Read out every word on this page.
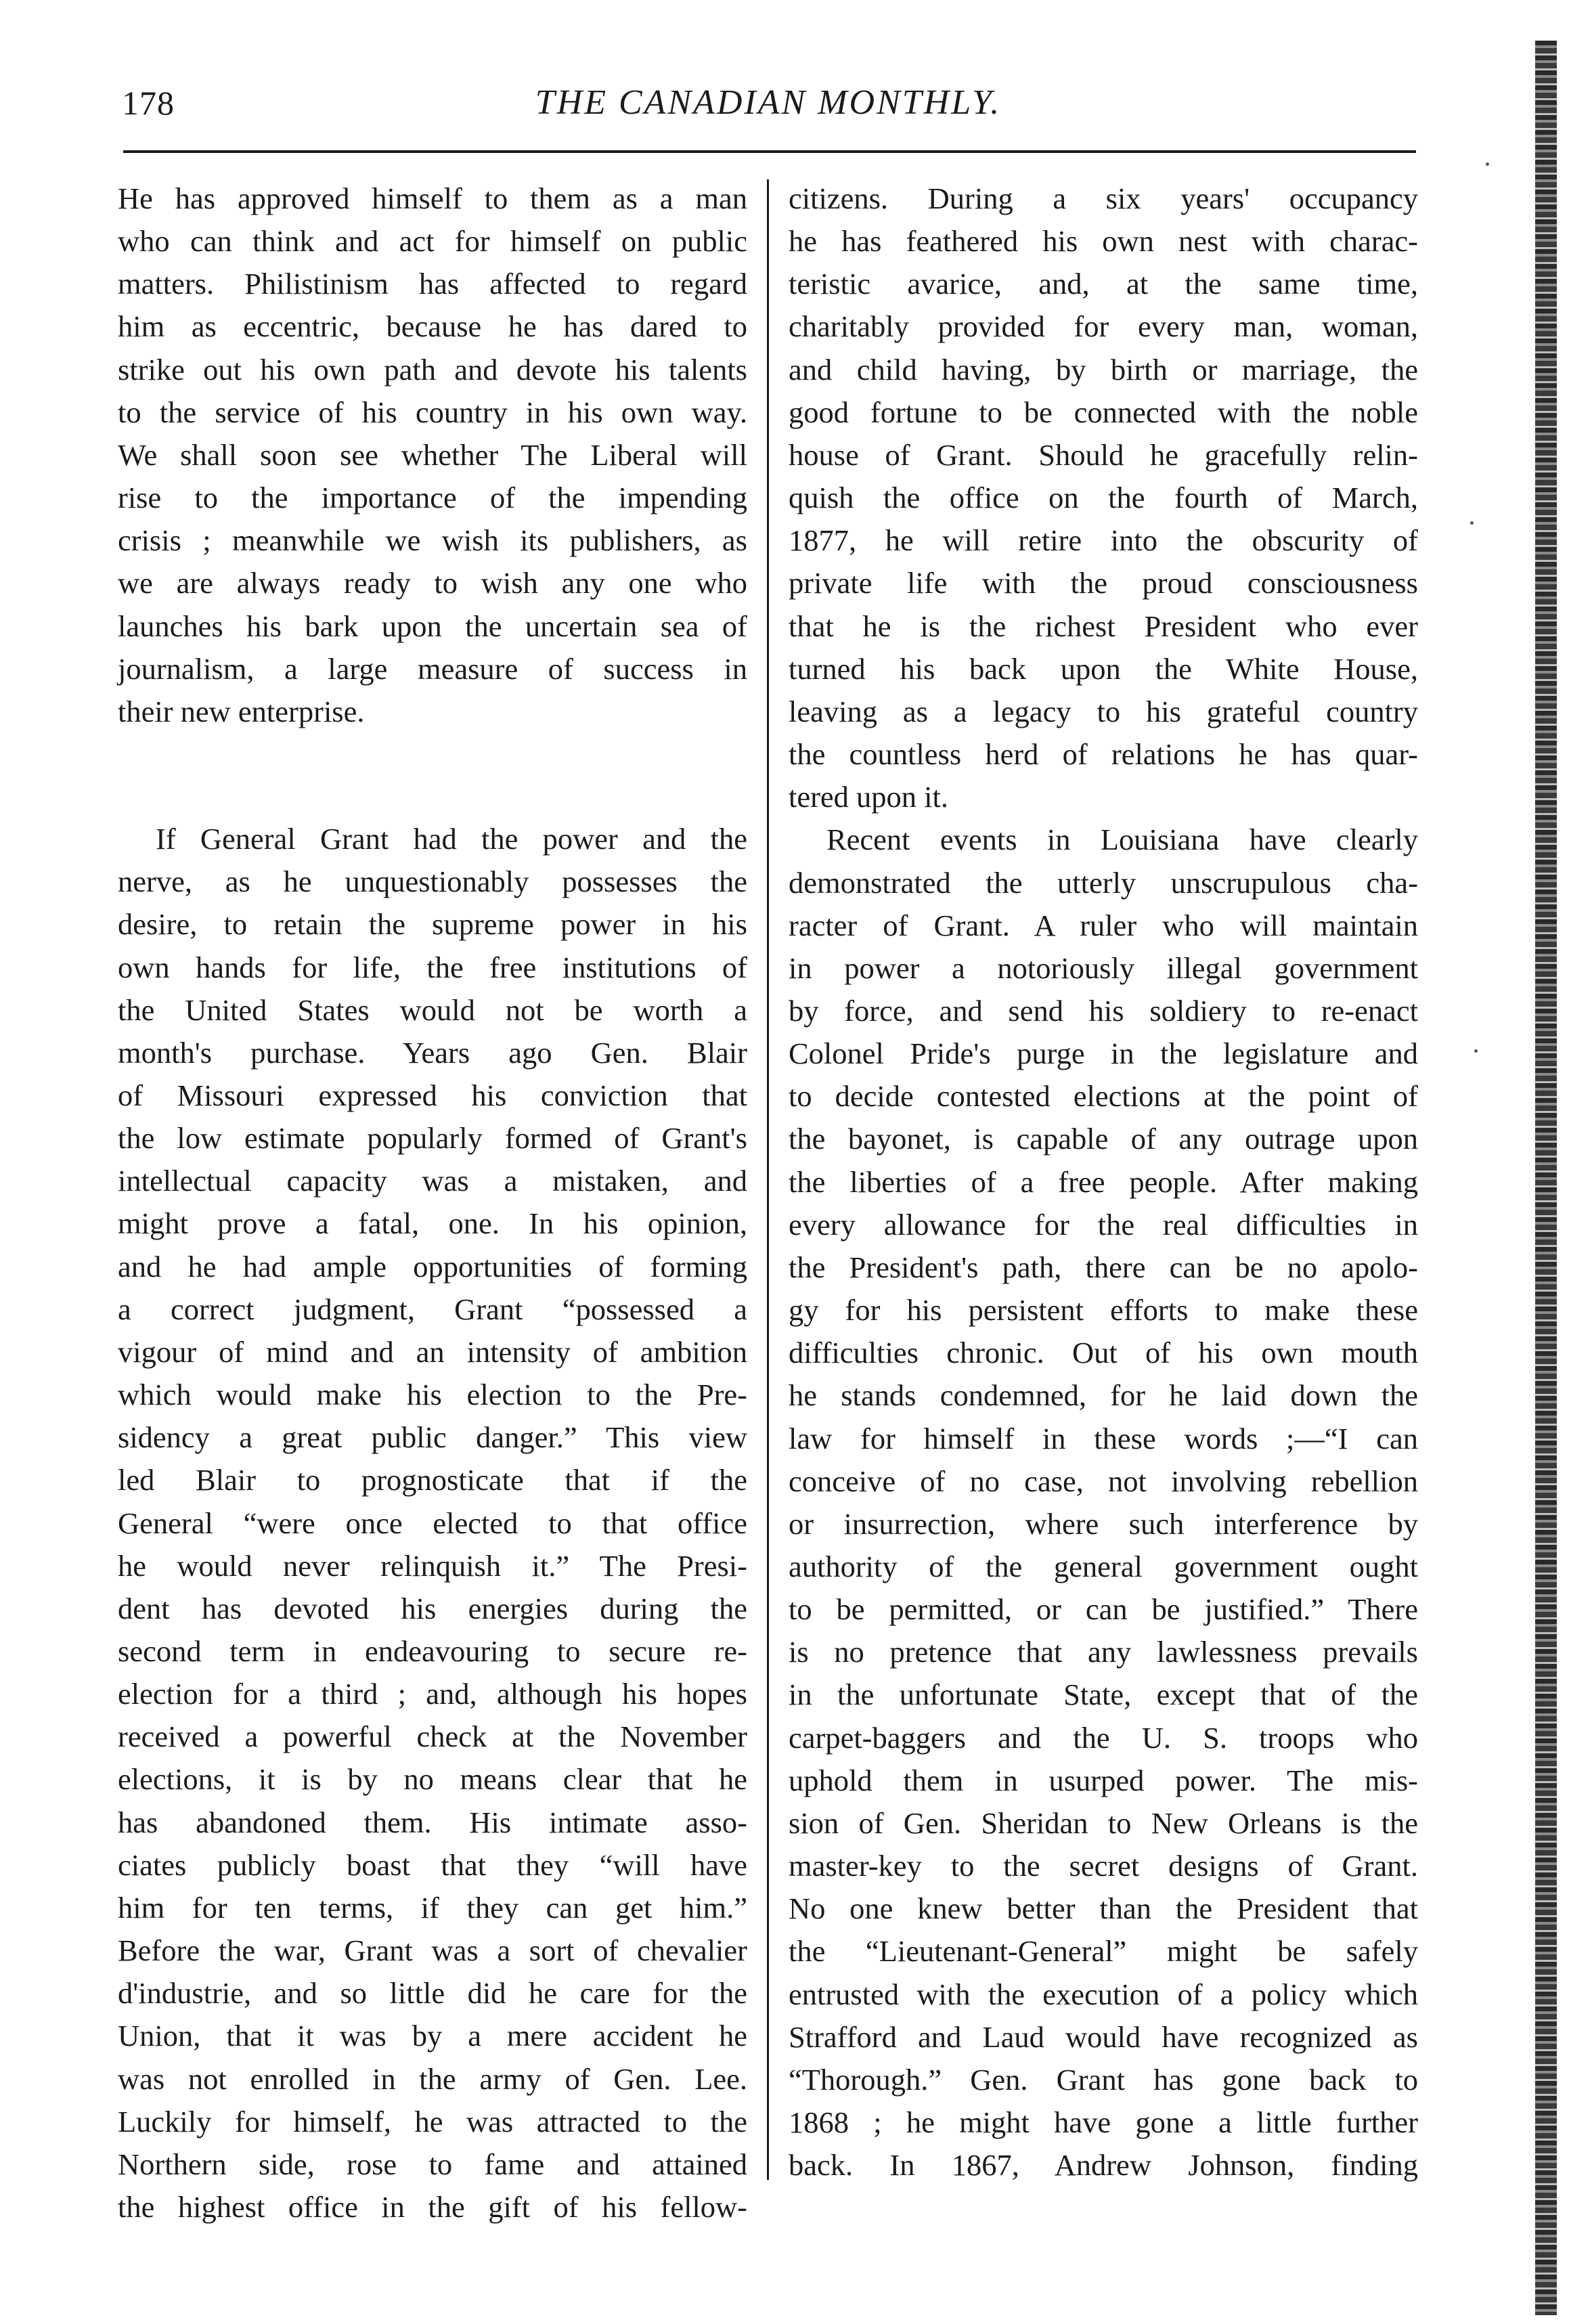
178	THE CANADIAN MONTHLY.

He has approved himself to them as a man

who can think and act for himself on public

matters. Philistinism has affected to regard

him as eccentric, because he has dared to

strike out his own path and devote his talents

to the service of his country in his own way.

We shall soon see whether The Liberal will

rise to the importance of the impending

crisis ; meanwhile we wish its publishers, as

we are always ready to wish any one who

launches his bark upon the uncertain sea of

journalism, a large measure of success in

their new enterprise.

If General Grant had the power and the

nerve, as he unquestionably possesses the

desire, to retain the supreme power in his

own hands for life, the free institutions of

the United States would not be worth a

month's purchase. Years ago Gen. Blair

of Missouri expressed his conviction that

the low estimate popularly formed of Grant's

intellectual capacity was a mistaken, and

might prove a fatal, one. In his opinion,

and he had ample opportunities of forming

a correct judgment, Grant “possessed a

vigour of mind and an intensity of ambition

which would make his election to the Pre-

sidency a great public danger.” This view

led Blair to prognosticate that if the

General “were once elected to that office

he would never relinquish it.” The Presi-

dent has devoted his energies during the

second term in endeavouring to secure re-

election for a third ; and, although his hopes

received a powerful check at the November

elections, it is by no means clear that he

has abandoned them. His intimate asso-

ciates publicly boast that they “will have

him for ten terms, if they can get him.”

Before the war, Grant was a sort of chevalier

d'industrie, and so little did he care for the

Union, that it was by a mere accident he

was not enrolled in the army of Gen. Lee.

Luckily for himself, he was attracted to the

Northern side, rose to fame and attained

the highest office in the gift of his fellow-

citizens. During a six years' occupancy

he has feathered his own nest with charac-

teristic avarice, and, at the same time,

charitably provided for every man, woman,

and child having, by birth or marriage, the

good fortune to be connected with the noble

house of Grant. Should he gracefully relin-

quish the office on the fourth of March,

1877, he will retire into the obscurity of

private life with the proud consciousness

that he is the richest President who ever

turned his back upon the White House,

leaving as a legacy to his grateful country

the countless herd of relations he has quar-

tered upon it.

Recent events in Louisiana have clearly

demonstrated the utterly unscrupulous cha-

racter of Grant. A ruler who will maintain

in power a notoriously illegal government

by force, and send his soldiery to re-enact

Colonel Pride's purge in the legislature and

to decide contested elections at the point of

the bayonet, is capable of any outrage upon

the liberties of a free people. After making

every allowance for the real difficulties in

the President's path, there can be no apolo-

gy for his persistent efforts to make these

difficulties chronic. Out of his own mouth

he stands condemned, for he laid down the

law for himself in these words ;—“I can

conceive of no case, not involving rebellion

or insurrection, where such interference by

authority of the general government ought

to be permitted, or can be justified.” There

is no pretence that any lawlessness prevails

in the unfortunate State, except that of the

carpet-baggers and the U. S. troops who

uphold them in usurped power. The mis-

sion of Gen. Sheridan to New Orleans is the

master-key to the secret designs of Grant.

No one knew better than the President that

the “Lieutenant-General” might be safely

entrusted with the execution of a policy which

Strafford and Laud would have recognized as

“Thorough.” Gen. Grant has gone back to

1868 ; he might have gone a little further

back. In 1867, Andrew Johnson, finding
